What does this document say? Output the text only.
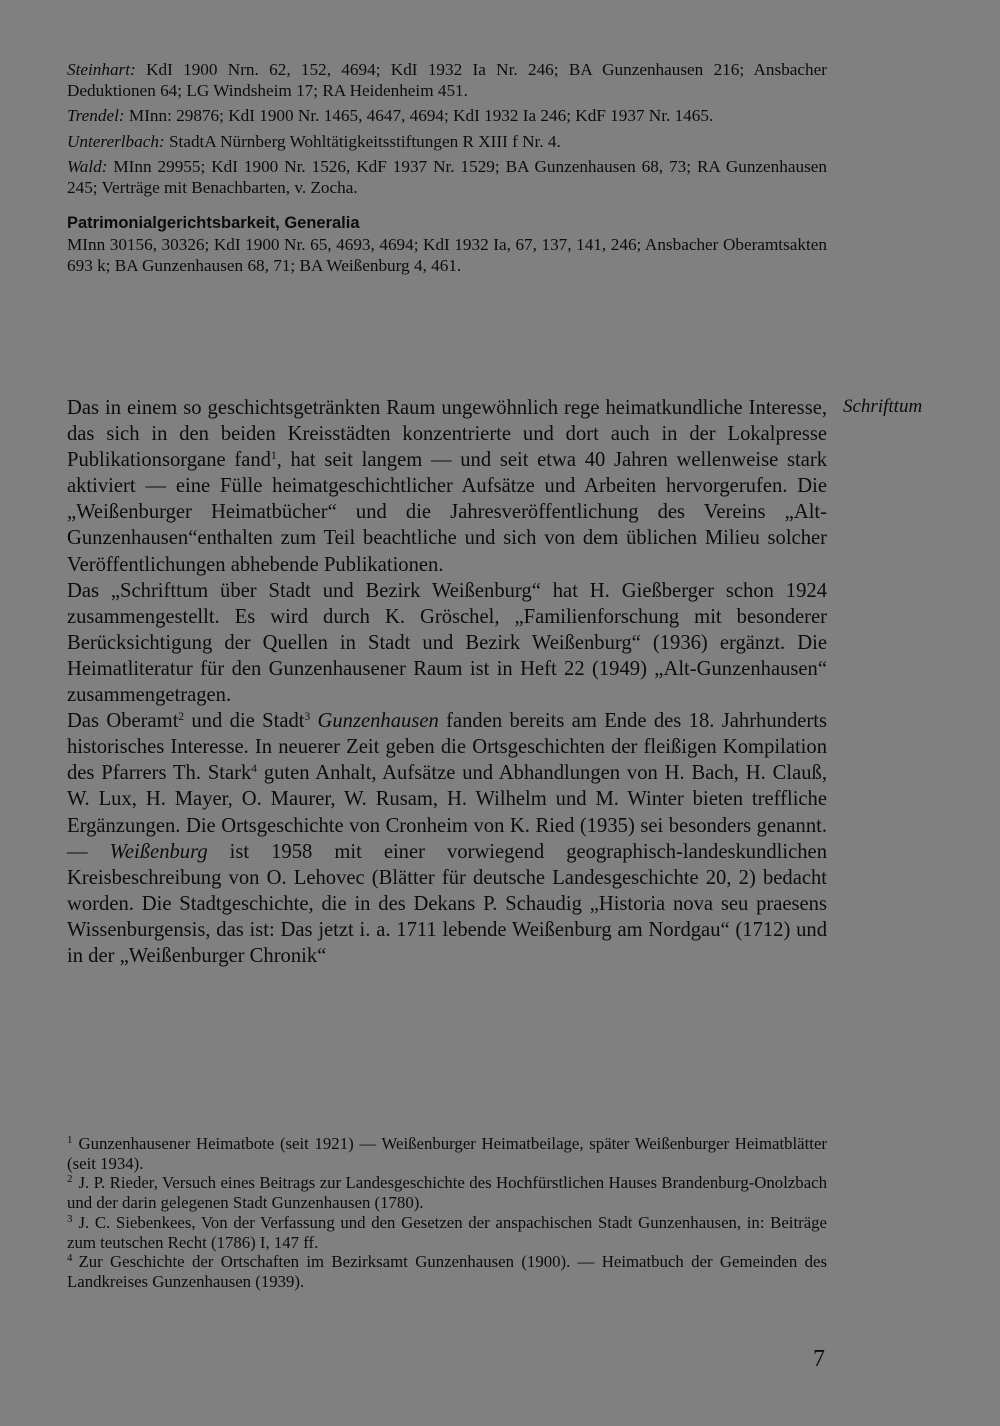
Steinhart: KdI 1900 Nrn. 62, 152, 4694; KdI 1932 Ia Nr. 246; BA Gunzenhausen 216; Ansbacher Deduktionen 64; LG Windsheim 17; RA Heidenheim 451.

Trendel: MInn: 29876; KdI 1900 Nr. 1465, 4647, 4694; KdI 1932 Ia 246; KdF 1937 Nr. 1465.

Untererlbach: StadtA Nürnberg Wohltätigkeitsstiftungen R XIII f Nr. 4.

Wald: MInn 29955; KdI 1900 Nr. 1526, KdF 1937 Nr. 1529; BA Gunzenhausen 68, 73; RA Gunzenhausen 245; Verträge mit Benachbarten, v. Zocha.

Patrimonialgerichtsbarkeit, Generalia

MInn 30156, 30326; KdI 1900 Nr. 65, 4693, 4694; KdI 1932 Ia, 67, 137, 141, 246; Ansbacher Oberamtsakten 693 k; BA Gunzenhausen 68, 71; BA Weißenburg 4, 461.

Schrifttum

Das in einem so geschichtsgetränkten Raum ungewöhnlich rege heimatkundliche Interesse, das sich in den beiden Kreisstädten konzentrierte und dort auch in der Lokalpresse Publikationsorgane fand$^1$, hat seit langem — und seit etwa 40 Jahren wellenweise stark aktiviert — eine Fülle heimatgeschichtlicher Aufsätze und Arbeiten hervorgerufen. Die „Weißenburger Heimatbücher“ und die Jahresveröffentlichung des Vereins „Alt-Gunzenhausen“enthalten zum Teil beachtliche und sich von dem üblichen Milieu solcher Veröffentlichungen abhebende Publikationen.

Das „Schrifttum über Stadt und Bezirk Weißenburg“ hat H. Gießberger schon 1924 zusammengestellt. Es wird durch K. Gröschel, „Familienforschung mit besonderer Berücksichtigung der Quellen in Stadt und Bezirk Weißenburg“ (1936) ergänzt. Die Heimatliteratur für den Gunzenhausener Raum ist in Heft 22 (1949) „Alt-Gunzenhausen“ zusammengetragen.

Das Oberamt$^2$ und die Stadt$^3$ Gunzenhausen fanden bereits am Ende des 18. Jahrhunderts historisches Interesse. In neuerer Zeit geben die Ortsgeschichten der fleißigen Kompilation des Pfarrers Th. Stark$^4$ guten Anhalt, Aufsätze und Abhandlungen von H. Bach, H. Clauß, W. Lux, H. Mayer, O. Maurer, W. Rusam, H. Wilhelm und M. Winter bieten treffliche Ergänzungen. Die Ortsgeschichte von Cronheim von K. Ried (1935) sei besonders genannt. — Weißenburg ist 1958 mit einer vorwiegend geographisch-landeskundlichen Kreisbeschreibung von O. Lehovec (Blätter für deutsche Landesgeschichte 20, 2) bedacht worden. Die Stadtgeschichte, die in des Dekans P. Schaudig „Historia nova seu praesens Wissenburgensis, das ist: Das jetzt i. a. 1711 lebende Weißenburg am Nordgau“ (1712) und in der „Weißenburger Chronik“

$^1$ Gunzenhausener Heimatbote (seit 1921) — Weißenburger Heimatbeilage, später Weißenburger Heimatblätter (seit 1934).

$^2$ J. P. Rieder, Versuch eines Beitrags zur Landesgeschichte des Hochfürstlichen Hauses Brandenburg-Onolzbach und der darin gelegenen Stadt Gunzenhausen (1780).

$^3$ J. C. Siebenkees, Von der Verfassung und den Gesetzen der anspachischen Stadt Gunzenhausen, in: Beiträge zum teutschen Recht (1786) I, 147 ff.

$^4$ Zur Geschichte der Ortschaften im Bezirksamt Gunzenhausen (1900). — Heimatbuch der Gemeinden des Landkreises Gunzenhausen (1939).

7
